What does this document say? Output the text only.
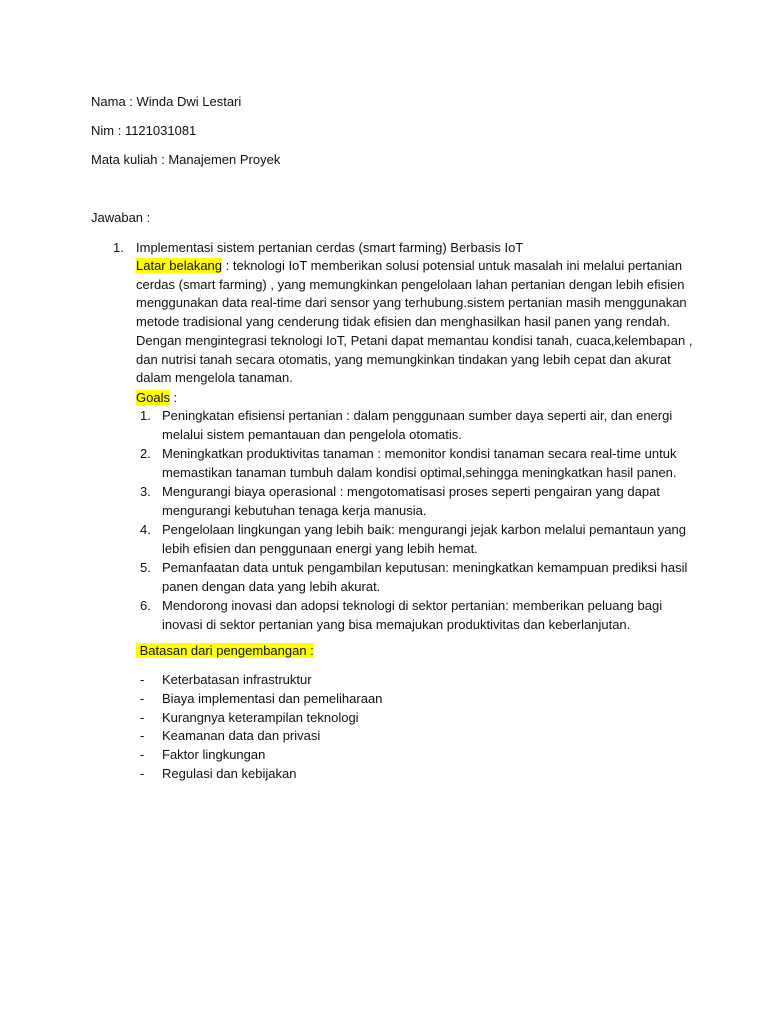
Nama : Winda Dwi Lestari
Nim : 1121031081
Mata kuliah : Manajemen Proyek
Jawaban :
1. Implementasi sistem pertanian cerdas (smart farming) Berbasis IoT
Latar belakang : teknologi IoT memberikan solusi potensial untuk masalah ini melalui pertanian cerdas (smart farming) , yang memungkinkan pengelolaan lahan pertanian dengan lebih efisien menggunakan data real-time dari sensor yang terhubung.sistem pertanian masih menggunakan metode tradisional yang cenderung tidak efisien dan menghasilkan hasil panen yang rendah. Dengan mengintegrasi teknologi IoT, Petani dapat memantau kondisi tanah, cuaca,kelembapan , dan nutrisi tanah secara otomatis, yang memungkinkan tindakan yang lebih cepat dan akurat dalam mengelola tanaman.
Goals :
1. Peningkatan efisiensi pertanian : dalam penggunaan sumber daya seperti air, dan energi melalui sistem pemantauan dan pengelola otomatis.
2. Meningkatkan produktivitas tanaman : memonitor kondisi tanaman secara real-time untuk memastikan tanaman tumbuh dalam kondisi optimal,sehingga meningkatkan hasil panen.
3. Mengurangi biaya operasional : mengotomatisasi proses seperti pengairan yang dapat mengurangi kebutuhan tenaga kerja manusia.
4. Pengelolaan lingkungan yang lebih baik: mengurangi jejak karbon melalui pemantaun yang lebih efisien dan penggunaan energi yang lebih hemat.
5. Pemanfaatan data untuk pengambilan keputusan: meningkatkan kemampuan prediksi hasil panen dengan data yang lebih akurat.
6. Mendorong inovasi dan adopsi teknologi di sektor pertanian: memberikan peluang bagi inovasi di sektor pertanian yang bisa memajukan produktivitas dan keberlanjutan.
Batasan dari pengembangan :
- Keterbatasan infrastruktur
- Biaya implementasi dan pemeliharaan
- Kurangnya keterampilan teknologi
- Keamanan data dan privasi
- Faktor lingkungan
- Regulasi dan kebijakan
